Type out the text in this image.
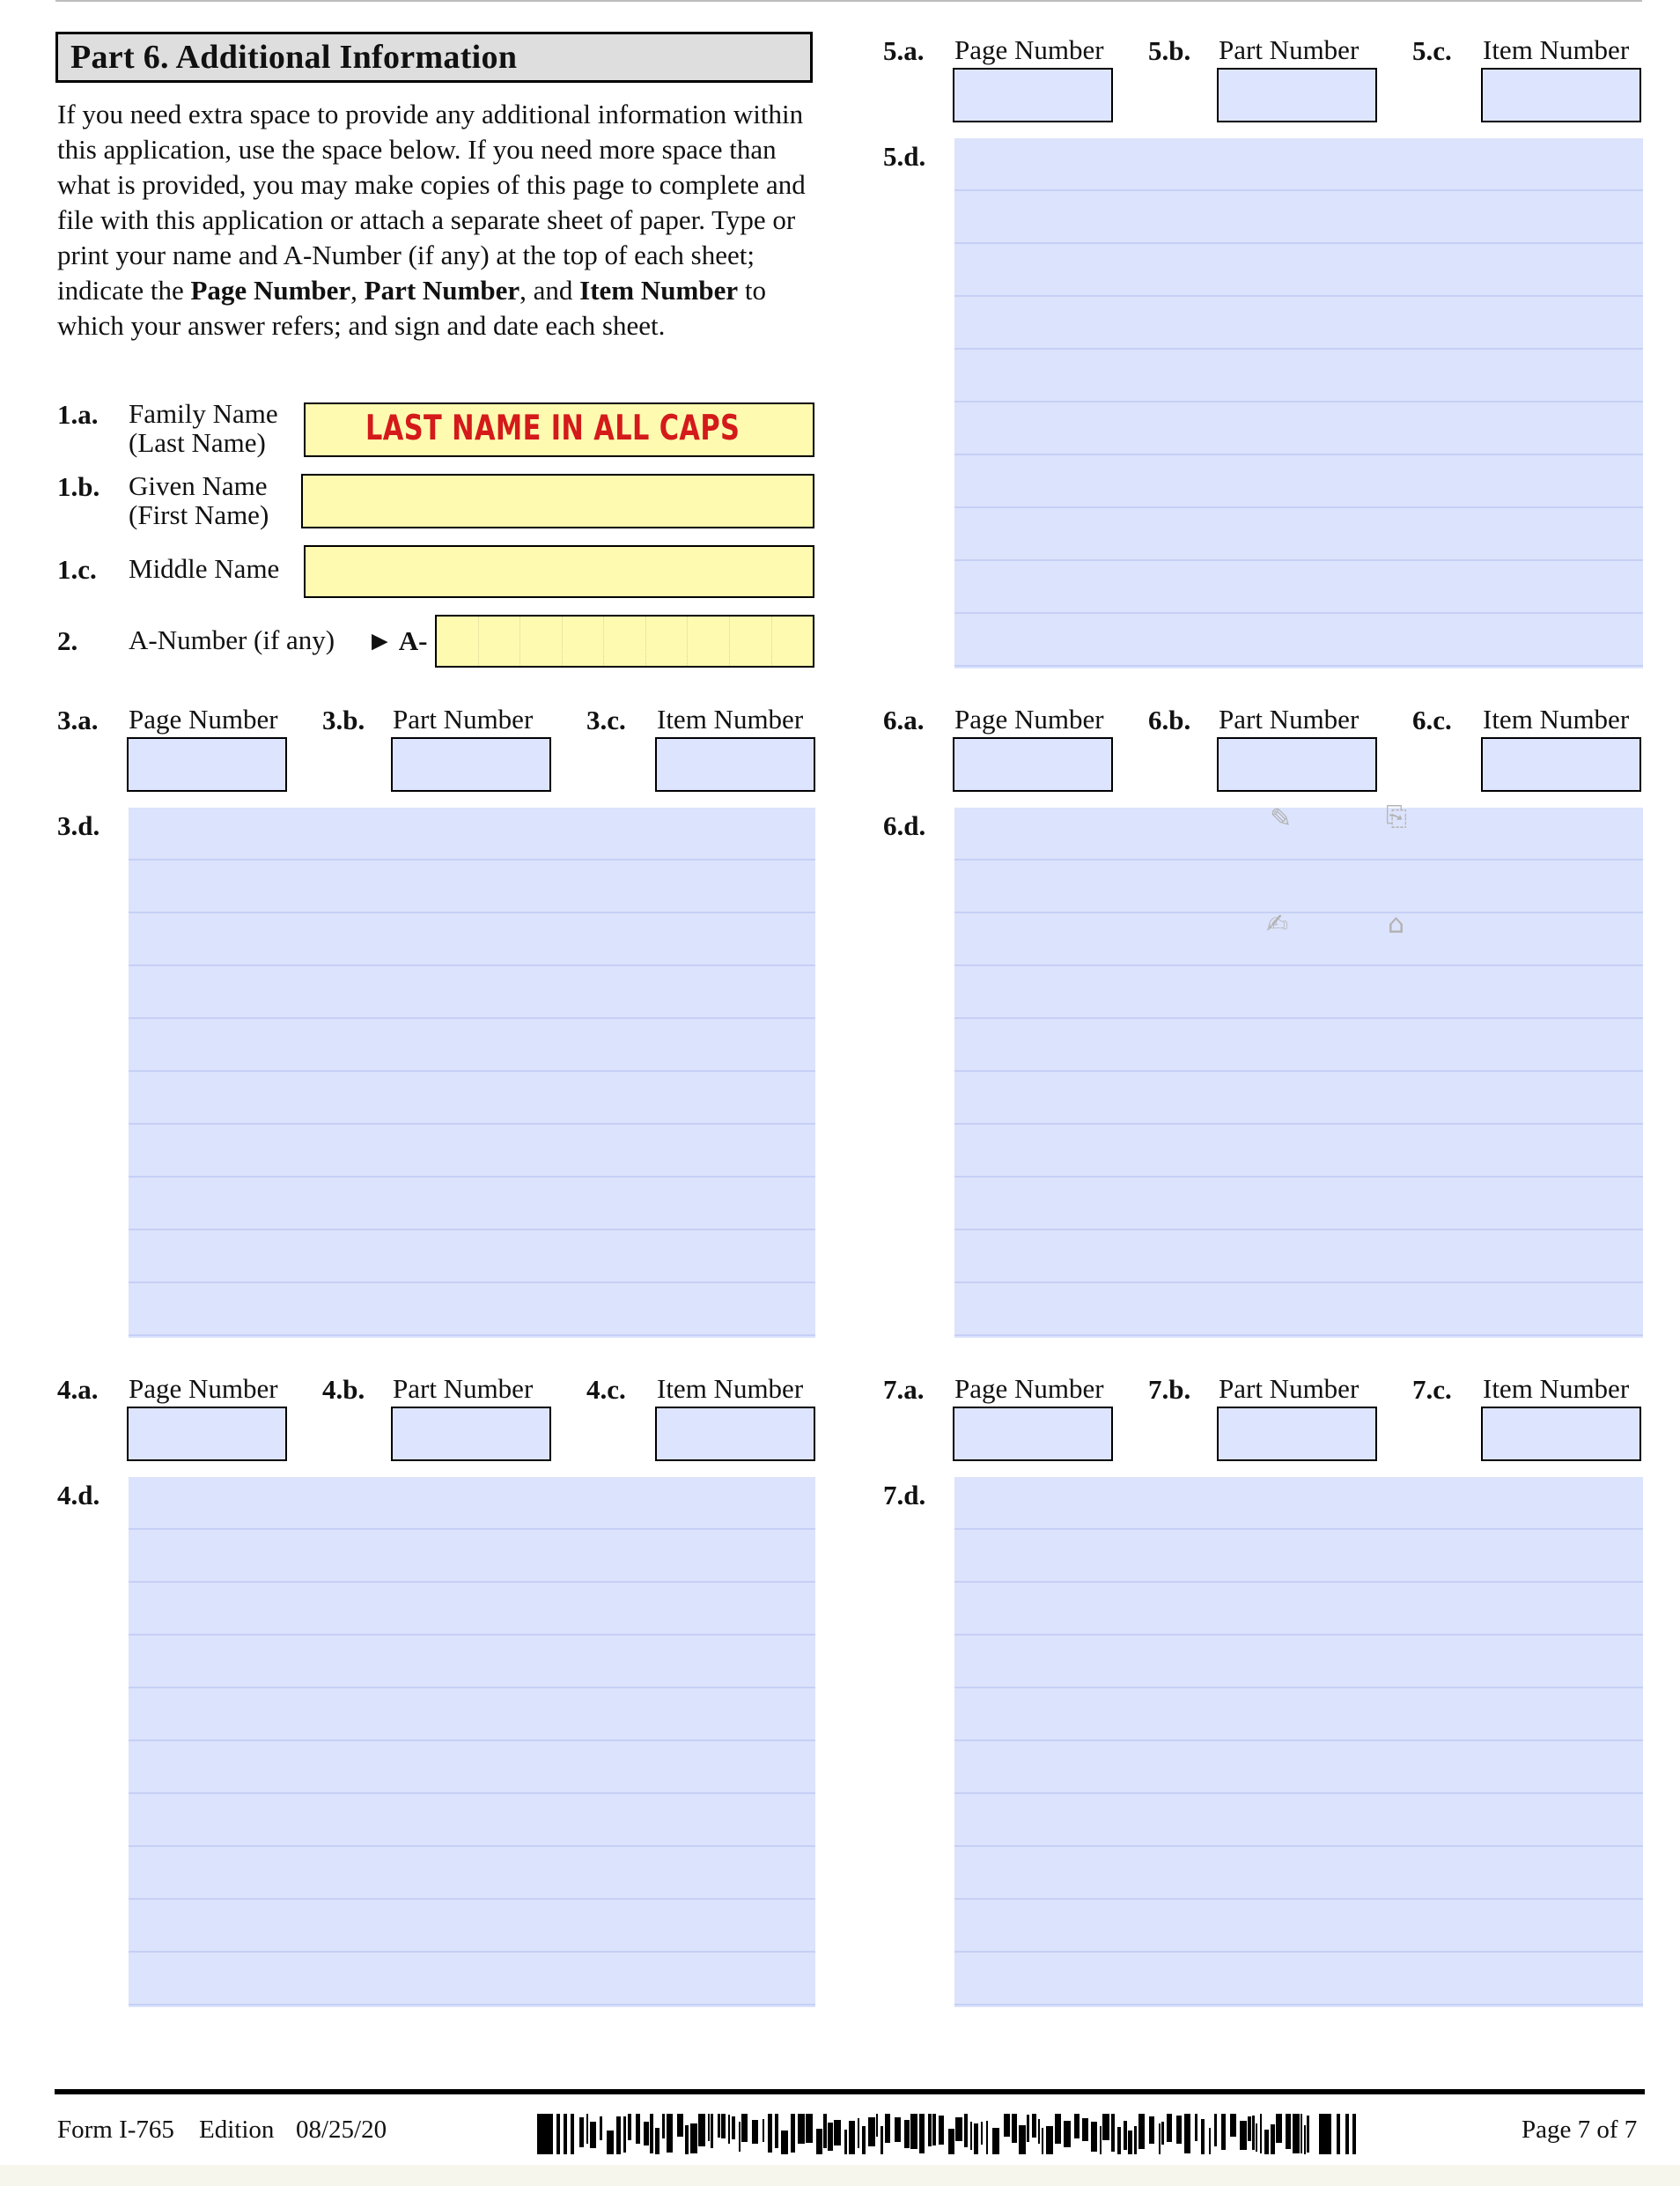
Part 6. Additional Information
If you need extra space to provide any additional information within this application, use the space below. If you need more space than what is provided, you may make copies of this page to complete and file with this application or attach a separate sheet of paper. Type or print your name and A-Number (if any) at the top of each sheet; indicate the Page Number, Part Number, and Item Number to which your answer refers; and sign and date each sheet.
1.a. Family Name
(Last Name)	LAST NAME IN ALL CAPS
1.b. Given Name
(First Name)
1.c. Middle Name
2. A-Number (if any) ► A-
3.a. Page Number 3.b. Part Number 3.c. Item Number
3.d.
4.a. Page Number 4.b. Part Number 4.c. Item Number
4.d.
5.a. Page Number 5.b. Part Number 5.c. Item Number
5.d.
6.a. Page Number 6.b. Part Number 6.c. Item Number
6.d.
7.a. Page Number 7.b. Part Number 7.c. Item Number
7.d.
✎	⎘
✍	⌂
Form I-765 Edition 08/25/20	Page 7 of 7
